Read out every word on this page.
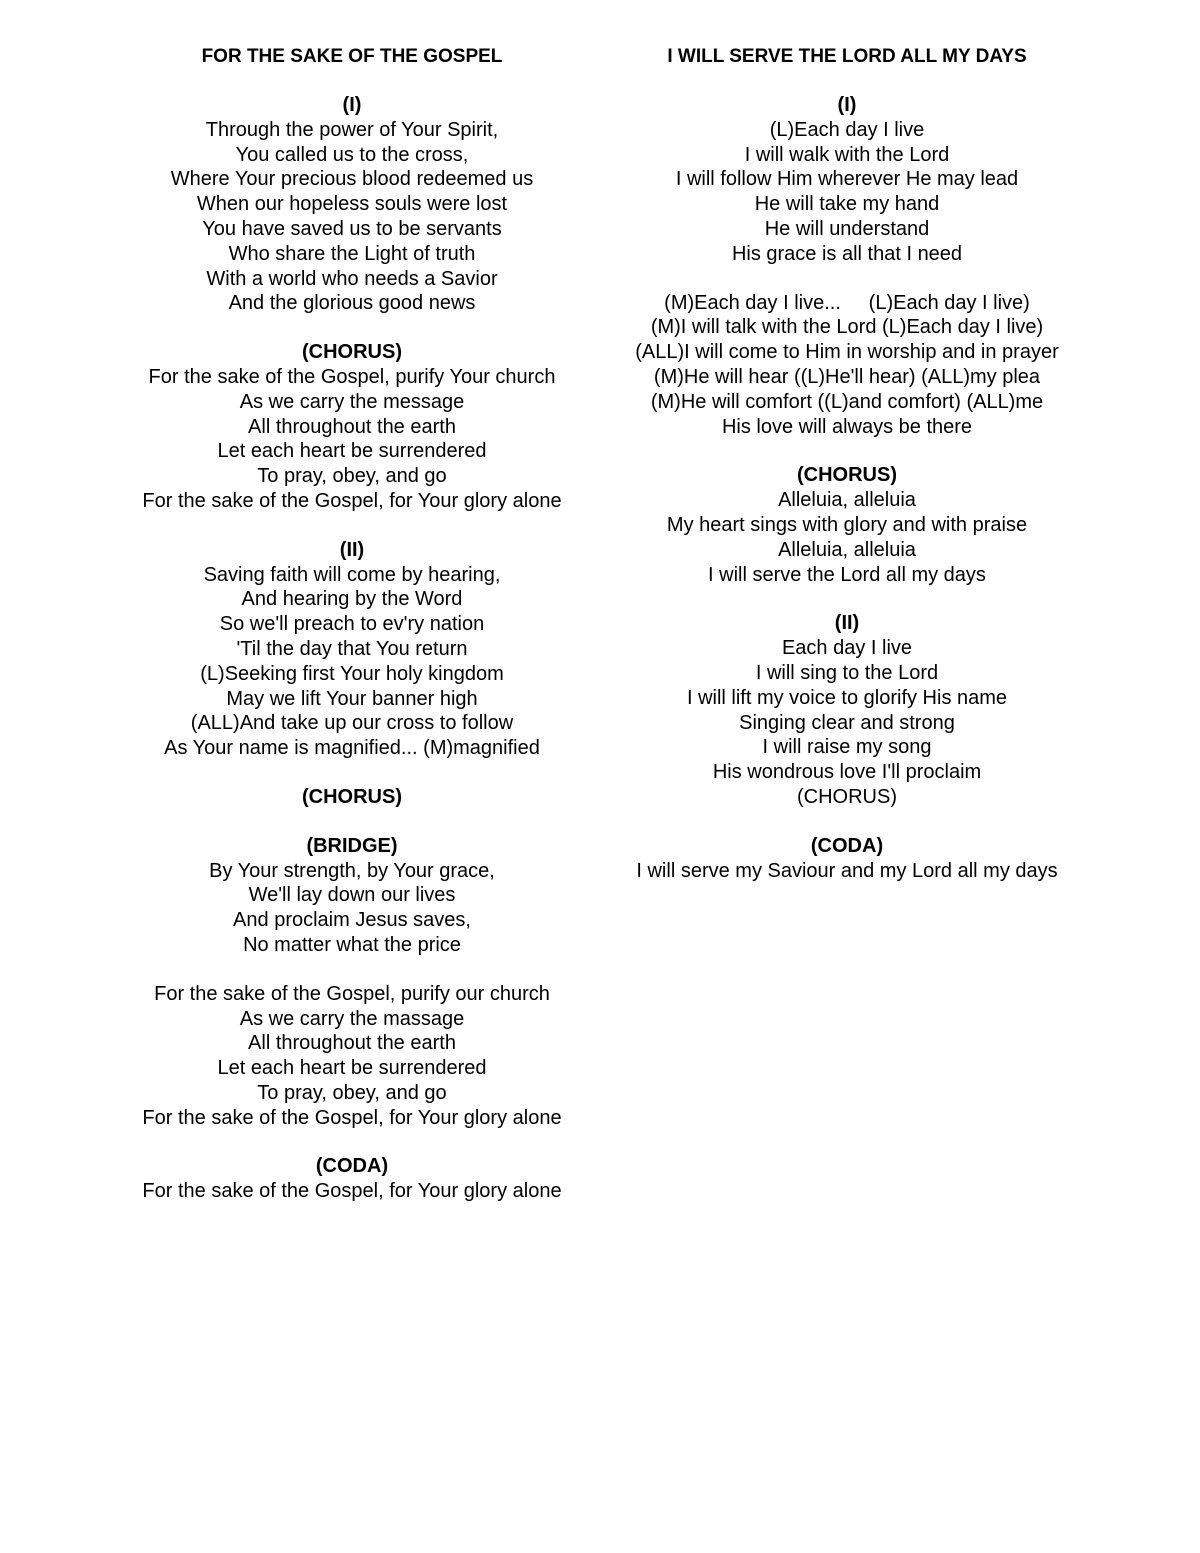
FOR THE SAKE OF THE GOSPEL
(I)
Through the power of Your Spirit,
You called us to the cross,
Where Your precious blood redeemed us
When our hopeless souls were lost
You have saved us to be servants
Who share the Light of truth
With a world who needs a Savior
And the glorious good news
(CHORUS)
For the sake of the Gospel, purify Your church
As we carry the message
All throughout the earth
Let each heart be surrendered
To pray, obey, and go
For the sake of the Gospel, for Your glory alone
(II)
Saving faith will come by hearing,
And hearing by the Word
So we'll preach to ev'ry nation
'Til the day that You return
(L)Seeking first Your holy kingdom
May we lift Your banner high
(ALL)And take up our cross to follow
As Your name is magnified... (M)magnified
(CHORUS)
(BRIDGE)
By Your strength, by Your grace,
We'll lay down our lives
And proclaim Jesus saves,
No matter what the price
For the sake of the Gospel, purify our church
As we carry the massage
All throughout the earth
Let each heart be surrendered
To pray, obey, and go
For the sake of the Gospel, for Your glory alone
(CODA)
For the sake of the Gospel, for Your glory alone
I WILL SERVE THE LORD ALL MY DAYS
(I)
(L)Each day I live
I will walk with the Lord
I will follow Him wherever He may lead
He will take my hand
He will understand
His grace is all that I need
(M)Each day I live...     (L)Each day I live)
(M)I will talk with the Lord (L)Each day I live)
(ALL)I will come to Him in worship and in prayer
(M)He will hear ((L)He'll hear) (ALL)my plea
(M)He will comfort ((L)and comfort) (ALL)me
His love will always be there
(CHORUS)
Alleluia, alleluia
My heart sings with glory and with praise
Alleluia, alleluia
I will serve the Lord all my days
(II)
Each day I live
I will sing to the Lord
I will lift my voice to glorify His name
Singing clear and strong
I will raise my song
His wondrous love I'll proclaim
(CHORUS)
(CODA)
I will serve my Saviour and my Lord all my days
